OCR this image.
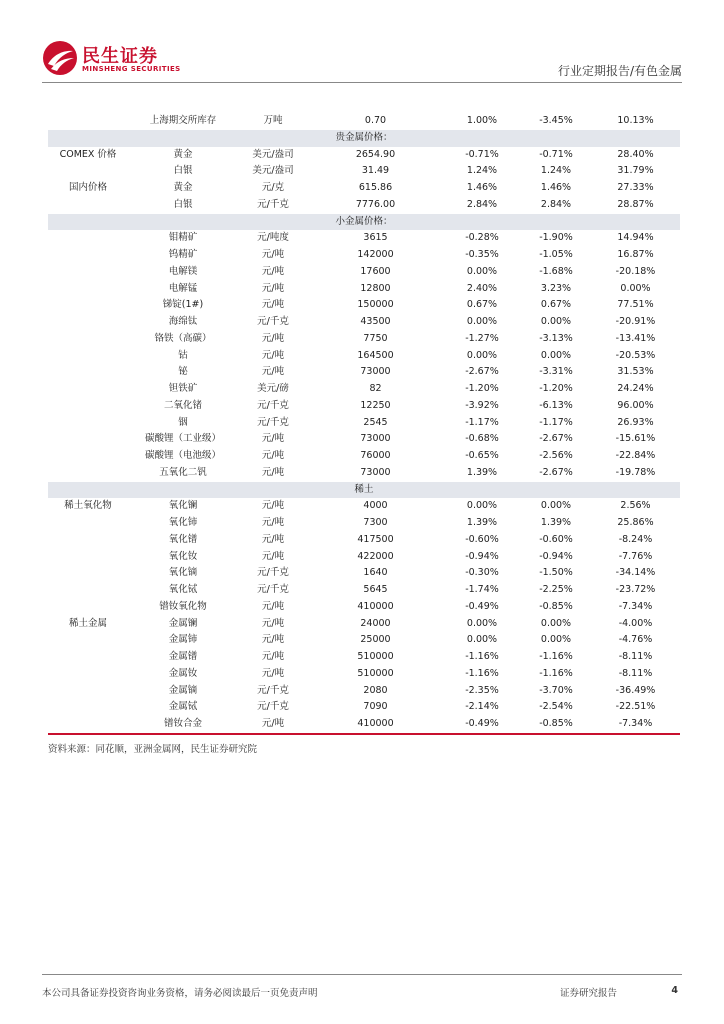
民生证券
MINSHENG SECURITIES	行业定期报告/有色金属
	上海期交所库存	万吨	0.70	1.00%	-3.45%	10.13%
贵金属价格：						
COMEX 价格	黄金	美元/盎司	2654.90	-0.71%	-0.71%	28.40%
	白银	美元/盎司	31.49	1.24%	1.24%	31.79%
国内价格	黄金	元/克	615.86	1.46%	1.46%	27.33%
	白银	元/千克	7776.00	2.84%	2.84%	28.87%
小金属价格：						
	钼精矿	元/吨度	3615	-0.28%	-1.90%	14.94%
	钨精矿	元/吨	142000	-0.35%	-1.05%	16.87%
	电解镁	元/吨	17600	0.00%	-1.68%	-20.18%
	电解锰	元/吨	12800	2.40%	3.23%	0.00%
	锑锭(1#)	元/吨	150000	0.67%	0.67%	77.51%
	海绵钛	元/千克	43500	0.00%	0.00%	-20.91%
	铬铁（高碳）	元/吨	7750	-1.27%	-3.13%	-13.41%
	钴	元/吨	164500	0.00%	0.00%	-20.53%
	铋	元/吨	73000	-2.67%	-3.31%	31.53%
	钽铁矿	美元/磅	82	-1.20%	-1.20%	24.24%
	二氧化锗	元/千克	12250	-3.92%	-6.13%	96.00%
	铟	元/千克	2545	-1.17%	-1.17%	26.93%
	碳酸锂（工业级）	元/吨	73000	-0.68%	-2.67%	-15.61%
	碳酸锂（电池级）	元/吨	76000	-0.65%	-2.56%	-22.84%
	五氧化二钒	元/吨	73000	1.39%	-2.67%	-19.78%
稀土						
稀土氧化物	氧化镧	元/吨	4000	0.00%	0.00%	2.56%
	氧化铈	元/吨	7300	1.39%	1.39%	25.86%
	氧化镨	元/吨	417500	-0.60%	-0.60%	-8.24%
	氧化钕	元/吨	422000	-0.94%	-0.94%	-7.76%
	氧化镝	元/千克	1640	-0.30%	-1.50%	-34.14%
	氧化铽	元/千克	5645	-1.74%	-2.25%	-23.72%
	镨钕氧化物	元/吨	410000	-0.49%	-0.85%	-7.34%
稀土金属	金属镧	元/吨	24000	0.00%	0.00%	-4.00%
	金属铈	元/吨	25000	0.00%	0.00%	-4.76%
	金属镨	元/吨	510000	-1.16%	-1.16%	-8.11%
	金属钕	元/吨	510000	-1.16%	-1.16%	-8.11%
	金属镝	元/千克	2080	-2.35%	-3.70%	-36.49%
	金属铽	元/千克	7090	-2.14%	-2.54%	-22.51%
	镨钕合金	元/吨	410000	-0.49%	-0.85%	-7.34%
资料来源：同花顺，亚洲金属网，民生证券研究院
本公司具备证券投资咨询业务资格，请务必阅读最后一页免责声明	证券研究报告	4
